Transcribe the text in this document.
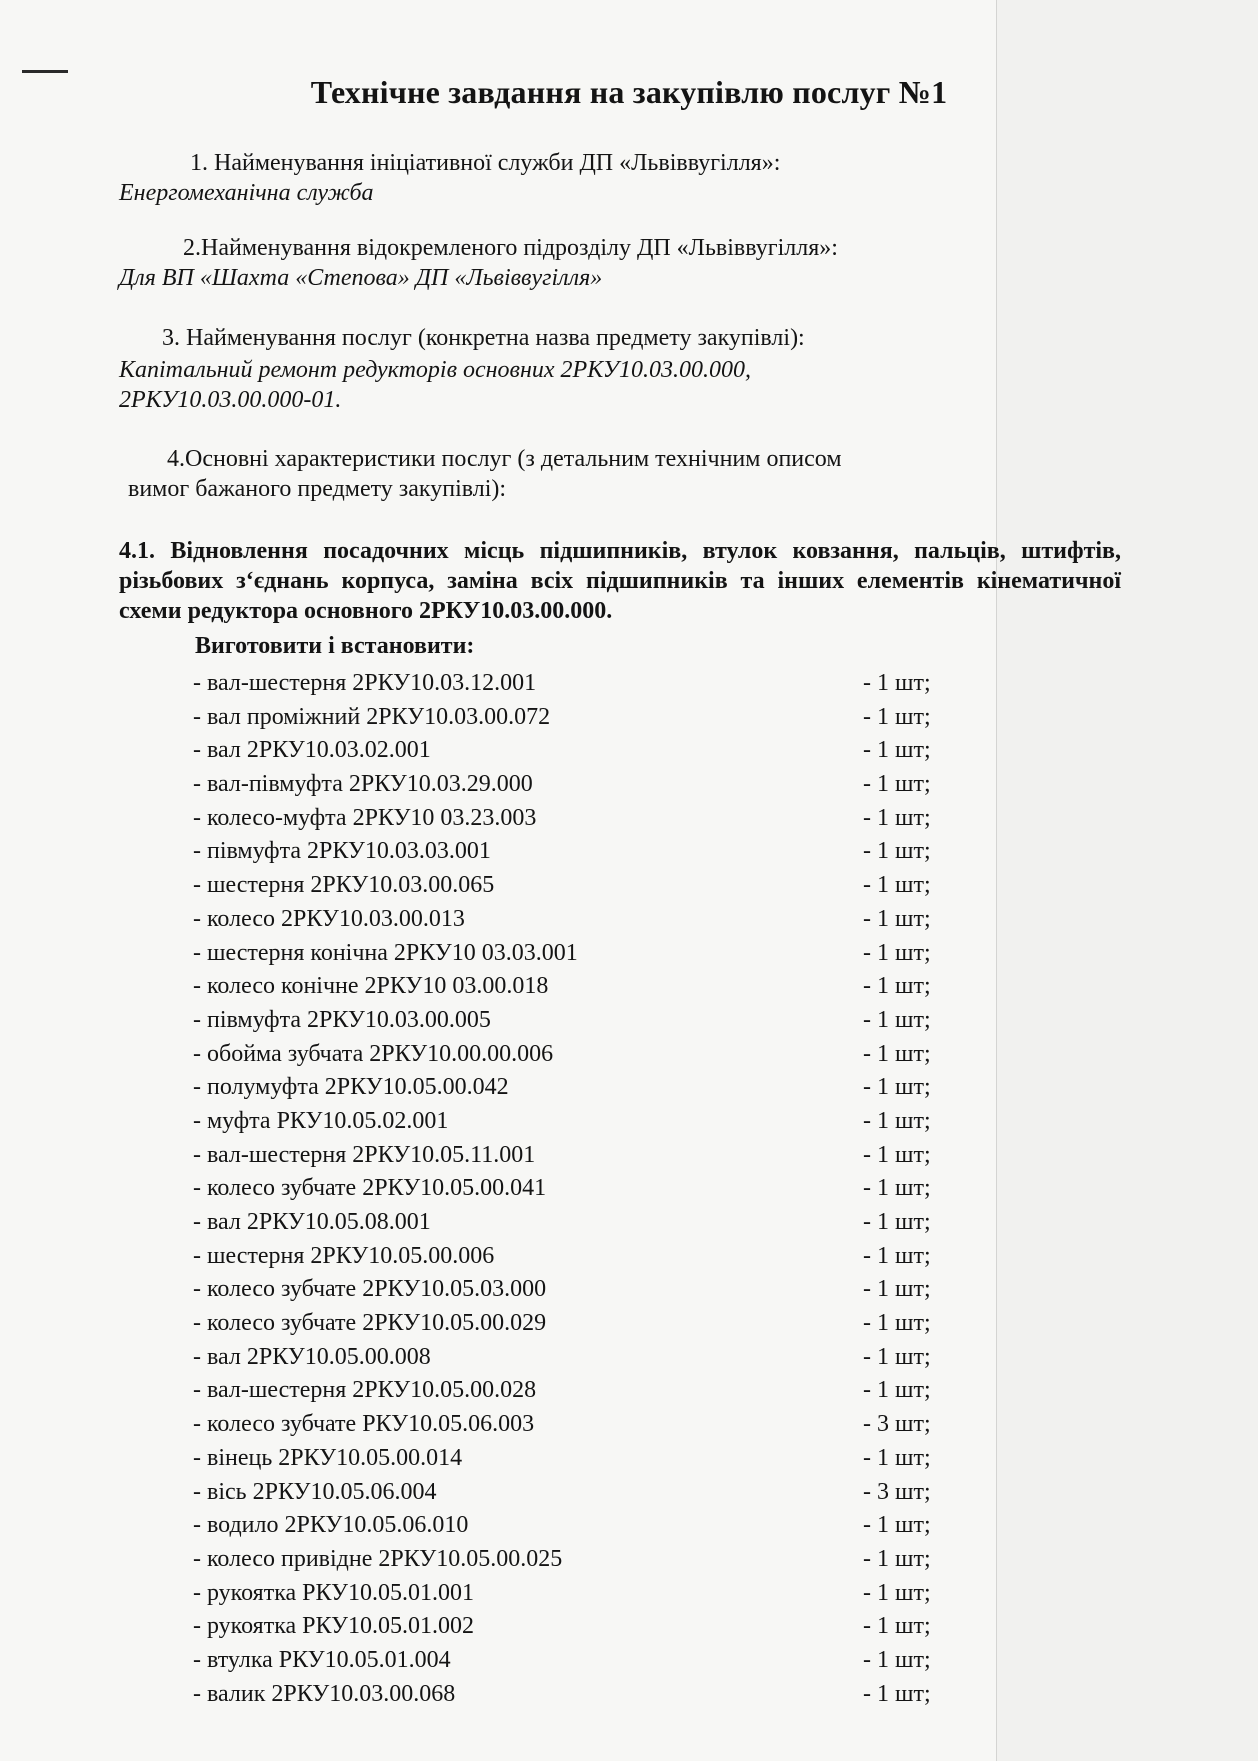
Технічне завдання на закупівлю послуг №1
1. Найменування ініціативної служби ДП «Львіввугілля»:
Енергомеханічна служба
2.Найменування відокремленого підрозділу ДП «Львіввугілля»:
Для ВП «Шахта «Степова» ДП «Львіввугілля»
3. Найменування послуг (конкретна назва предмету закупівлі):
Капітальний ремонт редукторів основних 2РКУ10.03.00.000,
2РКУ10.03.00.000-01.
4.Основні характеристики послуг (з детальним технічним описом
вимог бажаного предмету закупівлі):
4.1. Відновлення посадочних місць підшипників, втулок ковзання, пальців, штифтів, різьбових з‘єднань корпуса, заміна всіх підшипників та інших елементів кінематичної схеми редуктора основного 2РКУ10.03.00.000.
Виготовити і встановити:
- вал-шестерня 2РКУ10.03.12.001	- 1 шт;
- вал проміжний 2РКУ10.03.00.072	- 1 шт;
- вал 2РКУ10.03.02.001	- 1 шт;
- вал-півмуфта 2РКУ10.03.29.000	- 1 шт;
- колесо-муфта 2РКУ10 03.23.003	- 1 шт;
- півмуфта 2РКУ10.03.03.001	- 1 шт;
- шестерня 2РКУ10.03.00.065	- 1 шт;
- колесо 2РКУ10.03.00.013	- 1 шт;
- шестерня конічна 2РКУ10 03.03.001	- 1 шт;
- колесо конічне 2РКУ10 03.00.018	- 1 шт;
- півмуфта 2РКУ10.03.00.005	- 1 шт;
- обойма зубчата 2РКУ10.00.00.006	- 1 шт;
- полумуфта 2РКУ10.05.00.042	- 1 шт;
- муфта РКУ10.05.02.001	- 1 шт;
- вал-шестерня 2РКУ10.05.11.001	- 1 шт;
- колесо зубчате 2РКУ10.05.00.041	- 1 шт;
- вал 2РКУ10.05.08.001	- 1 шт;
- шестерня 2РКУ10.05.00.006	- 1 шт;
- колесо зубчате 2РКУ10.05.03.000	- 1 шт;
- колесо зубчате 2РКУ10.05.00.029	- 1 шт;
- вал 2РКУ10.05.00.008	- 1 шт;
- вал-шестерня 2РКУ10.05.00.028	- 1 шт;
- колесо зубчате РКУ10.05.06.003	- 3 шт;
- вінець 2РКУ10.05.00.014	- 1 шт;
- вісь 2РКУ10.05.06.004	- 3 шт;
- водило 2РКУ10.05.06.010	- 1 шт;
- колесо привідне 2РКУ10.05.00.025	- 1 шт;
- рукоятка РКУ10.05.01.001	- 1 шт;
- рукоятка РКУ10.05.01.002	- 1 шт;
- втулка РКУ10.05.01.004	- 1 шт;
- валик 2РКУ10.03.00.068	- 1 шт;
